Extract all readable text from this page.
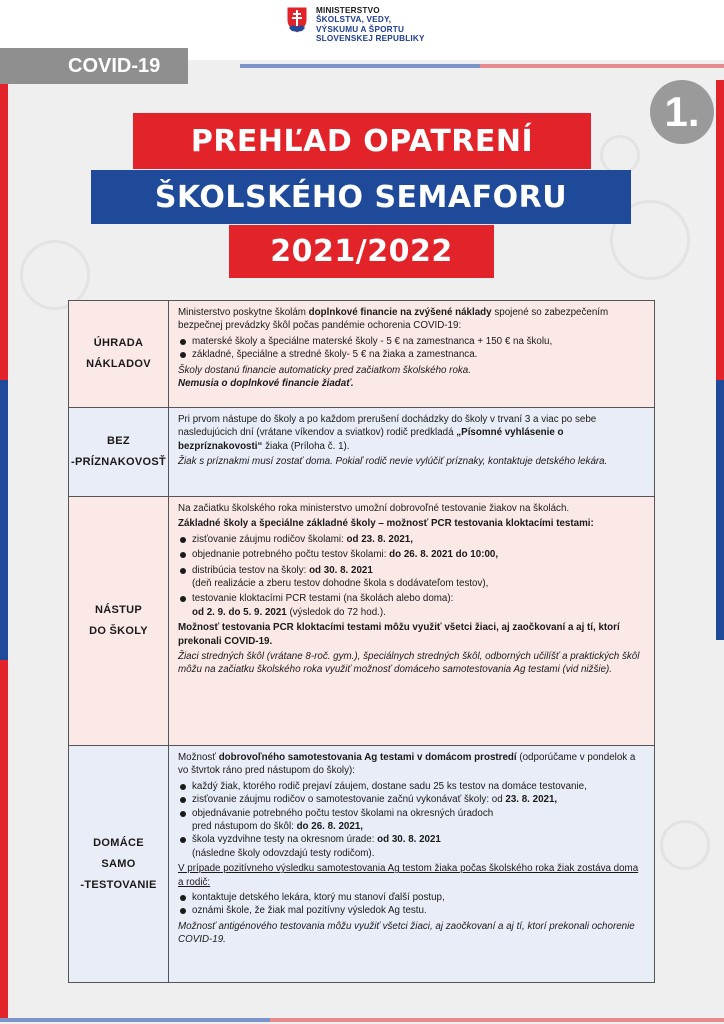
MINISTERSTVO
ŠKOLSTVA, VEDY,
VÝSKUMU A ŠPORTU
SLOVENSKEJ REPUBLIKY
COVID-19
1.
PREHĽAD OPATRENÍ
ŠKOLSKÉHO SEMAFORU
2021/2022
ÚHRADA
NÁKLADOV

Ministerstvo poskytne školám doplnkové financie na zvýšené náklady spojené so zabezpečením bezpečnej prevádzky škôl počas pandémie ochorenia COVID-19:

materské školy a špeciálne materské školy - 5 € na zamestnanca + 150 € na školu,

základné, špeciálne a stredné školy- 5 € na žiaka a zamestnanca.

Školy dostanú financie automaticky pred začiatkom školského roka.

Nemusia o doplnkové financie žiadať.

BEZ
-PRÍZNAKOVOSŤ

Pri prvom nástupe do školy a po každom prerušení dochádzky do školy v trvaní 3 a viac po sebe nasledujúcich dní (vrátane víkendov a sviatkov) rodič predkladá „Písomné vyhlásenie o bezpríznakovosti“ žiaka (Príloha č. 1).

Žiak s príznakmi musí zostať doma. Pokiaľ rodič nevie vylúčiť príznaky, kontaktuje detského lekára.

NÁSTUP
DO ŠKOLY

Na začiatku školského roka ministerstvo umožní dobrovoľné testovanie žiakov na školách.

Základné školy a špeciálne základné školy – možnosť PCR testovania kloktacími testami:

zisťovanie záujmu rodičov školami: od 23. 8. 2021,

objednanie potrebného počtu testov školami: do 26. 8. 2021 do 10:00,

distribúcia testov na školy: od 30. 8. 2021

(deň realizácie a zberu testov dohodne škola s dodávateľom testov),

testovanie kloktacími PCR testami (na školách alebo doma):

od 2. 9. do 5. 9. 2021 (výsledok do 72 hod.).

Možnosť testovania PCR kloktacími testami môžu využiť všetci žiaci, aj zaočkovaní a aj tí, ktorí prekonali COVID-19.

Žiaci stredných škôl (vrátane 8-roč. gym.), špeciálnych stredných škôl, odborných učilíšť a praktických škôl môžu na začiatku školského roka využiť možnosť domáceho samotestovania Ag testami (vid nižšie).

DOMÁCE
SAMO
-TESTOVANIE

Možnosť dobrovoľného samotestovania Ag testami v domácom prostredí (odporúčame v pondelok a vo štvrtok ráno pred nástupom do školy):

každý žiak, ktorého rodič prejaví záujem, dostane sadu 25 ks testov na domáce testovanie,

zisťovanie záujmu rodičov o samotestovanie začnú vykonávať školy: od 23. 8. 2021,

objednávanie potrebného počtu testov školami na okresných úradoch

pred nástupom do škôl: do 26. 8. 2021,

škola vyzdvihne testy na okresnom úrade: od 30. 8. 2021

(následne školy odovzdajú testy rodičom).

V prípade pozitívneho výsledku samotestovania Ag testom žiaka počas školského roka žiak zostáva doma a rodič:

kontaktuje detského lekára, ktorý mu stanoví ďalší postup,

oznámi škole, že žiak mal pozitívny výsledok Ag testu.

Možnosť antigénového testovania môžu využiť všetci žiaci, aj zaočkovaní a aj tí, ktorí prekonali ochorenie COVID-19.
